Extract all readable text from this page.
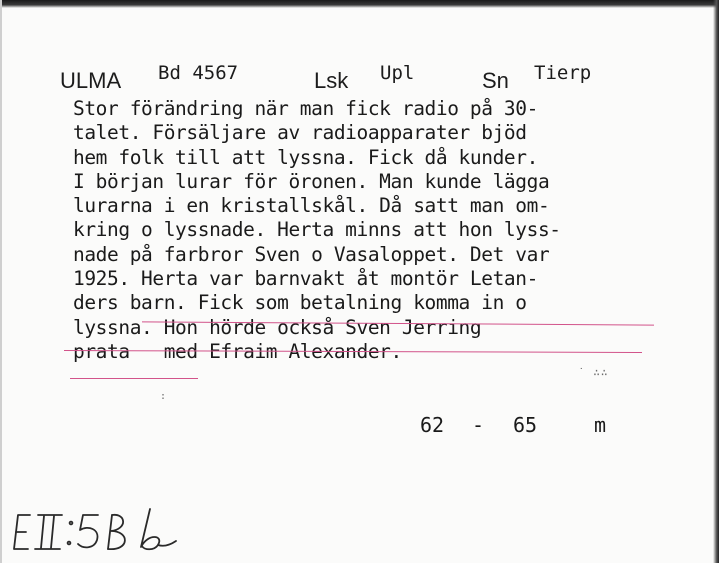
ULMA Bd 4567	Lsk Upl	Sn Tierp
Stor förändring när man fick radio på 30-
talet. Försäljare av radioapparater bjöd
hem folk till att lyssna. Fick då kunder.
I början lurar för öronen. Man kunde lägga
lurarna i en kristallskål. Då satt man om-
kring o lyssnade. Herta minns att hon lyss-
nade på farbror Sven o Vasaloppet. Det var
1925. Herta var barnvakt åt montör Letan-
ders barn. Fick som betalning komma in o
lyssna. Hon hörde också Sven Jerring
prata   med Efraim Alexander.
˙ ∴∴
:
62 - 65	m
